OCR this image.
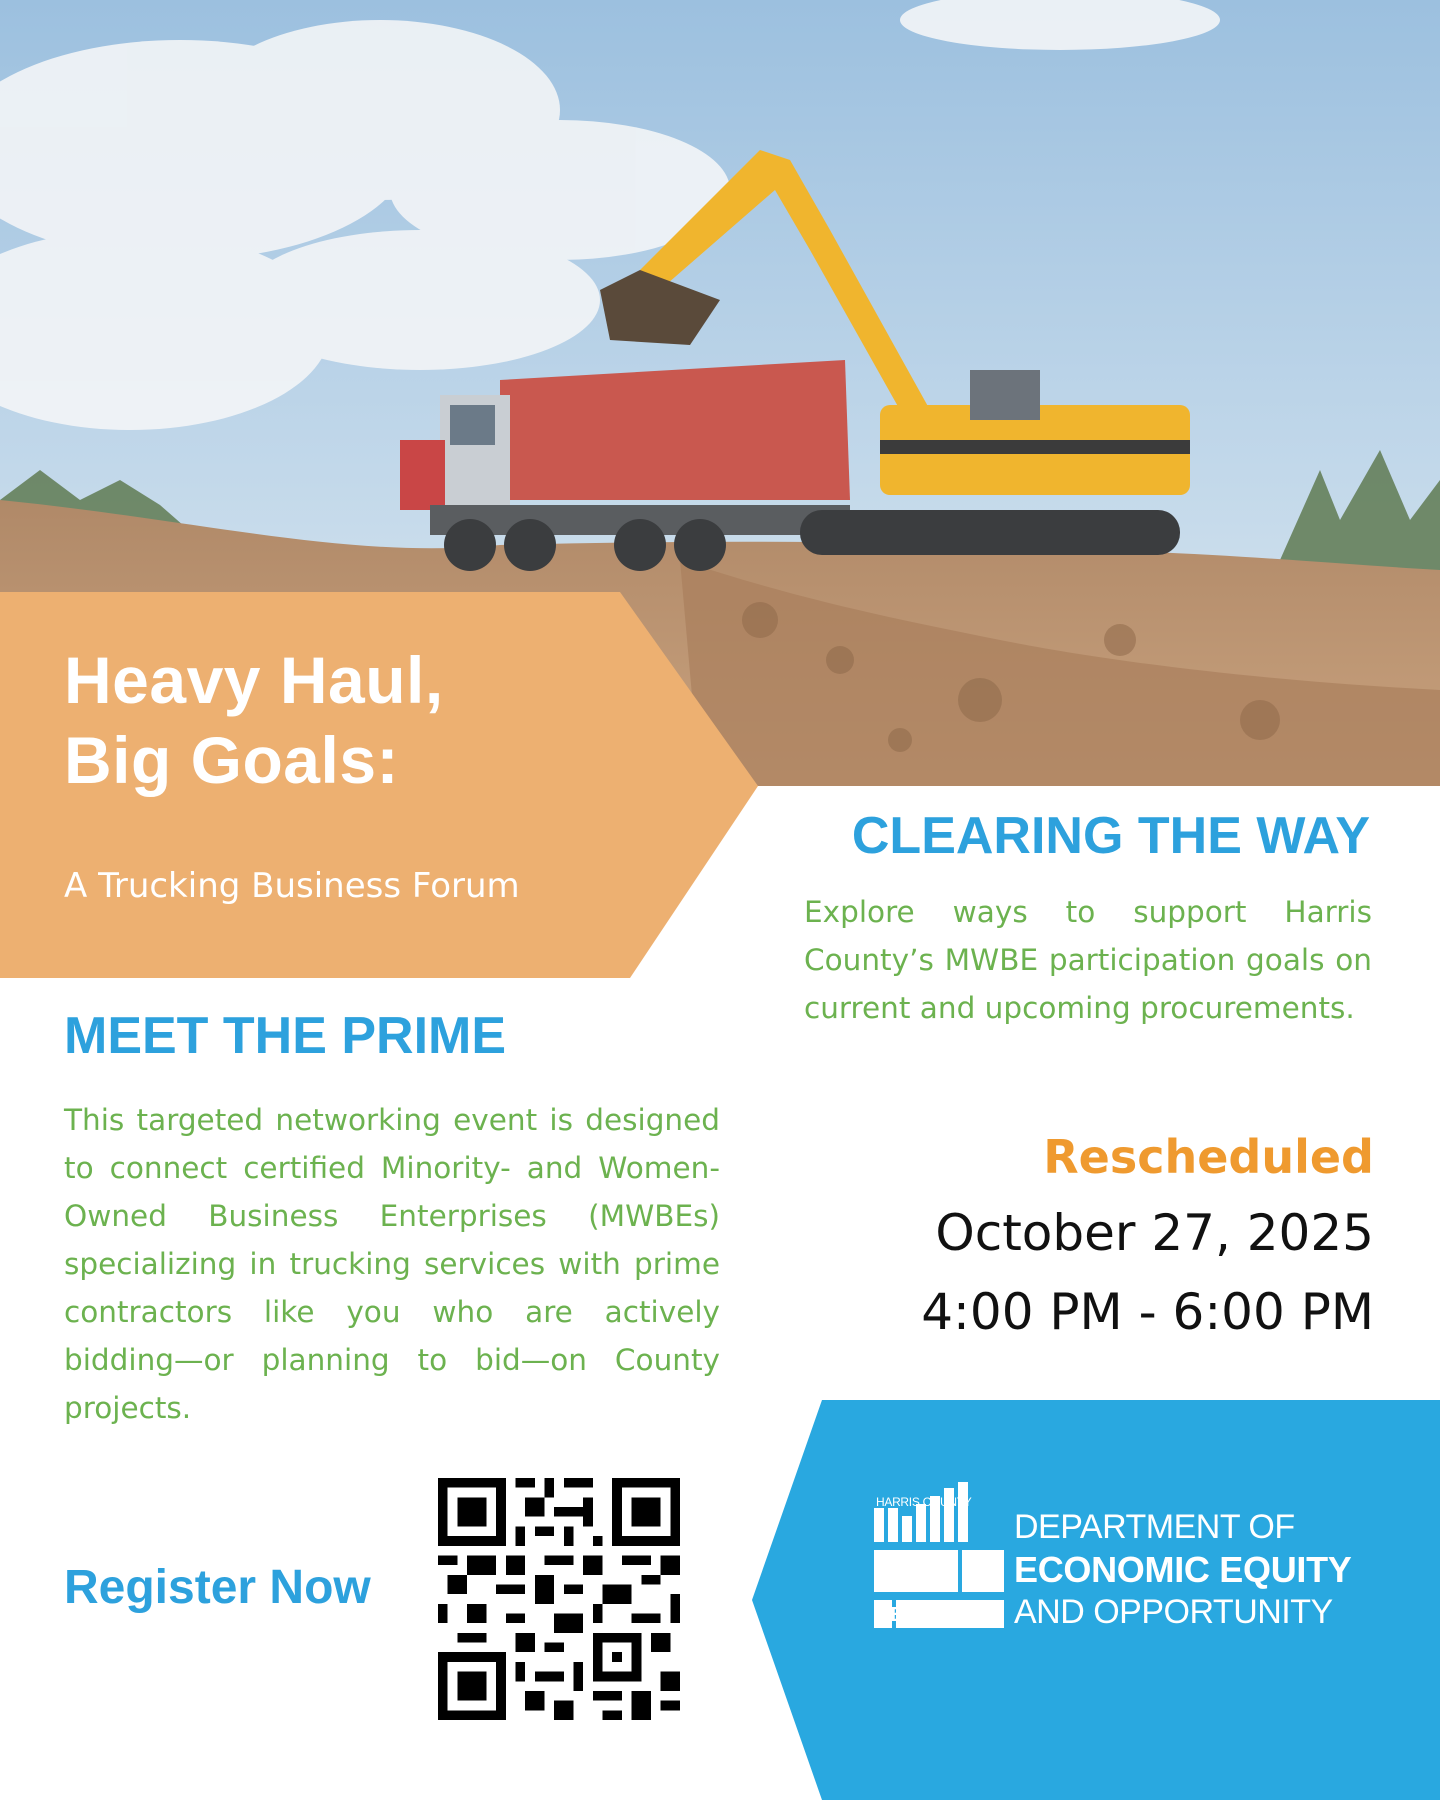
Heavy Haul,
Big Goals:
A Trucking Business Forum
CLEARING THE WAY
Explore ways to support Harris County’s MWBE participation goals on current and upcoming procurements.
MEET THE PRIME
This targeted networking event is designed to connect certified Minority- and Women-Owned Business Enterprises (MWBEs) specializing in trucking services with prime contractors like you who are actively bidding—or planning to bid—on County projects.
Rescheduled
October 27, 2025
4:00 PM - 6:00 PM
Register Now
HARRIS COUNTY
DEEO
DEPARTMENT OF
ECONOMIC EQUITY
AND OPPORTUNITY
